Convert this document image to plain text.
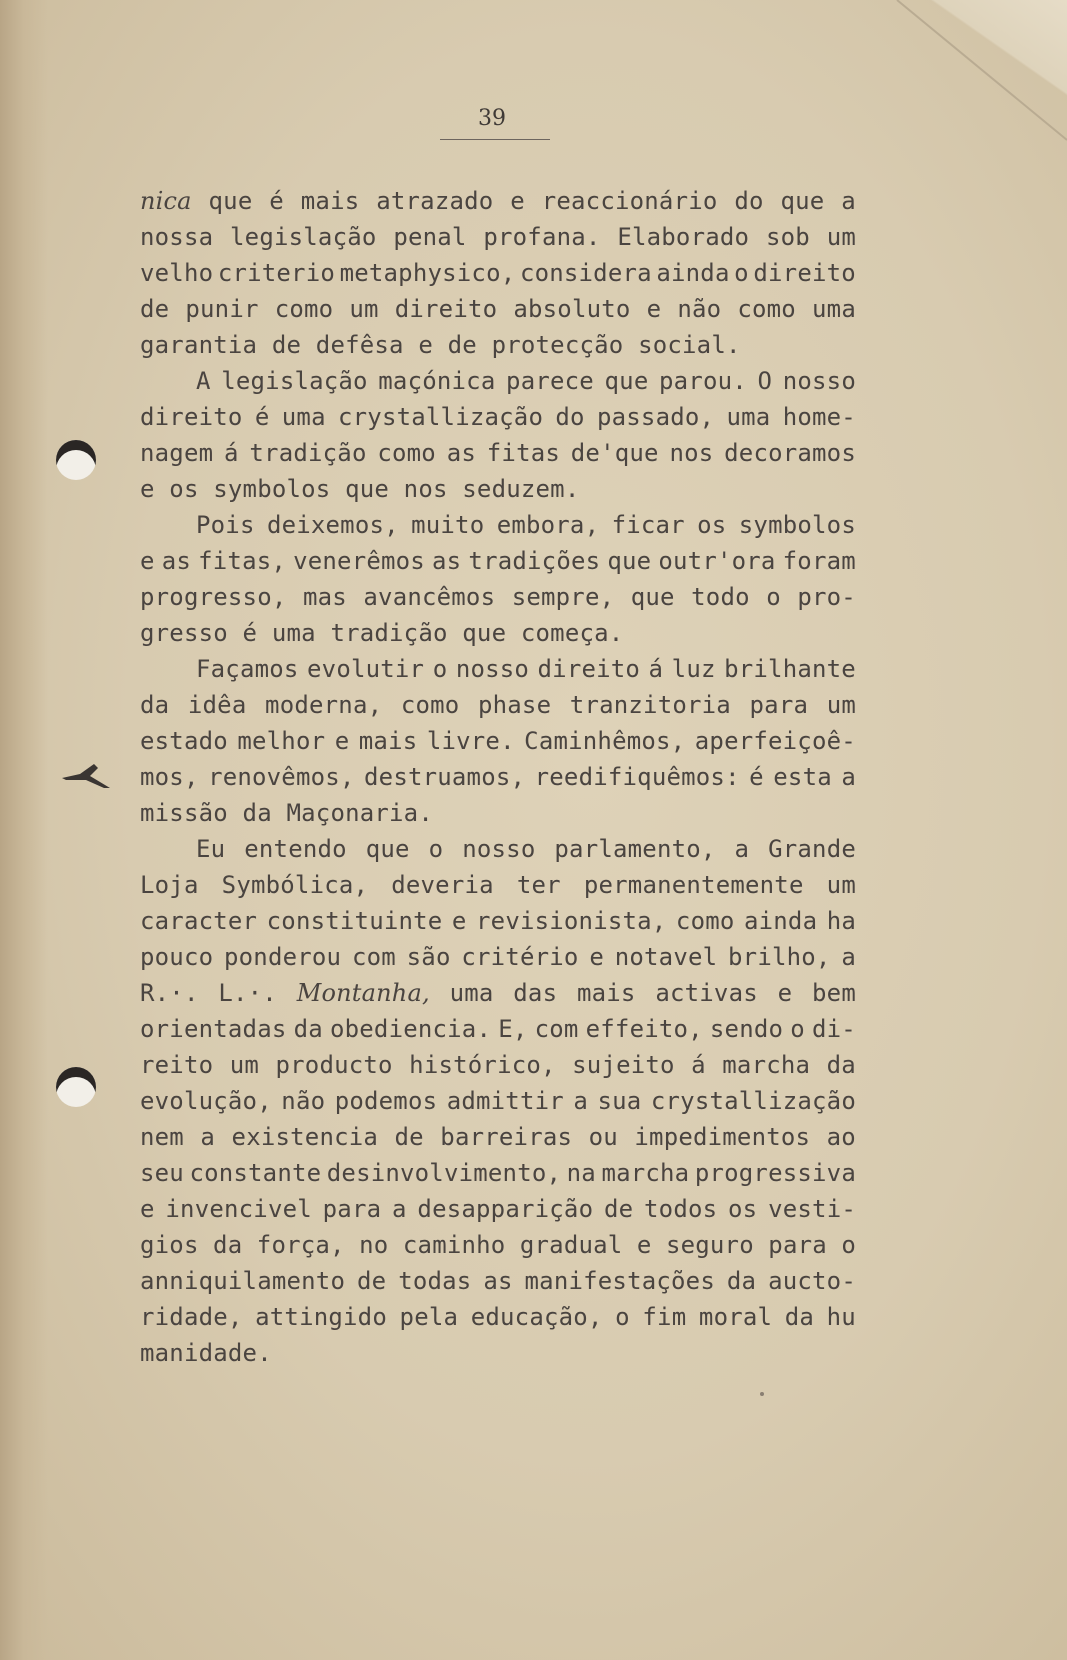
39
nica que é mais atrazado e reaccionário do que a
nossa legislação penal profana. Elaborado sob um
velho criterio metaphysico, considera ainda o direito
de punir como um direito absoluto e não como uma
garantia de defêsa e de protecção social.
A legislação maçónica parece que parou. O nosso
direito é uma crystallização do passado, uma home-
nagem á tradição como as fitas de'que nos decoramos
e os symbolos que nos seduzem.
Pois deixemos, muito embora, ficar os symbolos
e as fitas, venerêmos as tradições que outr'ora foram
progresso, mas avancêmos sempre, que todo o pro-
gresso é uma tradição que começa.
Façamos evolutir o nosso direito á luz brilhante
da idêa moderna, como phase tranzitoria para um
estado melhor e mais livre. Caminhêmos, aperfeiçoê-
mos, renovêmos, destruamos, reedifiquêmos: é esta a
missão da Maçonaria.
Eu entendo que o nosso parlamento, a Grande
Loja Symbólica, deveria ter permanentemente um
caracter constituinte e revisionista, como ainda ha
pouco ponderou com são critério e notavel brilho, a
R.·. L.·. Montanha, uma das mais activas e bem
orientadas da obediencia. E, com effeito, sendo o di-
reito um producto histórico, sujeito á marcha da
evolução, não podemos admittir a sua crystallização
nem a existencia de barreiras ou impedimentos ao
seu constante desinvolvimento, na marcha progressiva
e invencivel para a desapparição de todos os vesti-
gios da força, no caminho gradual e seguro para o
anniquilamento de todas as manifestações da aucto-
ridade, attingido pela educação, o fim moral da hu
manidade.
